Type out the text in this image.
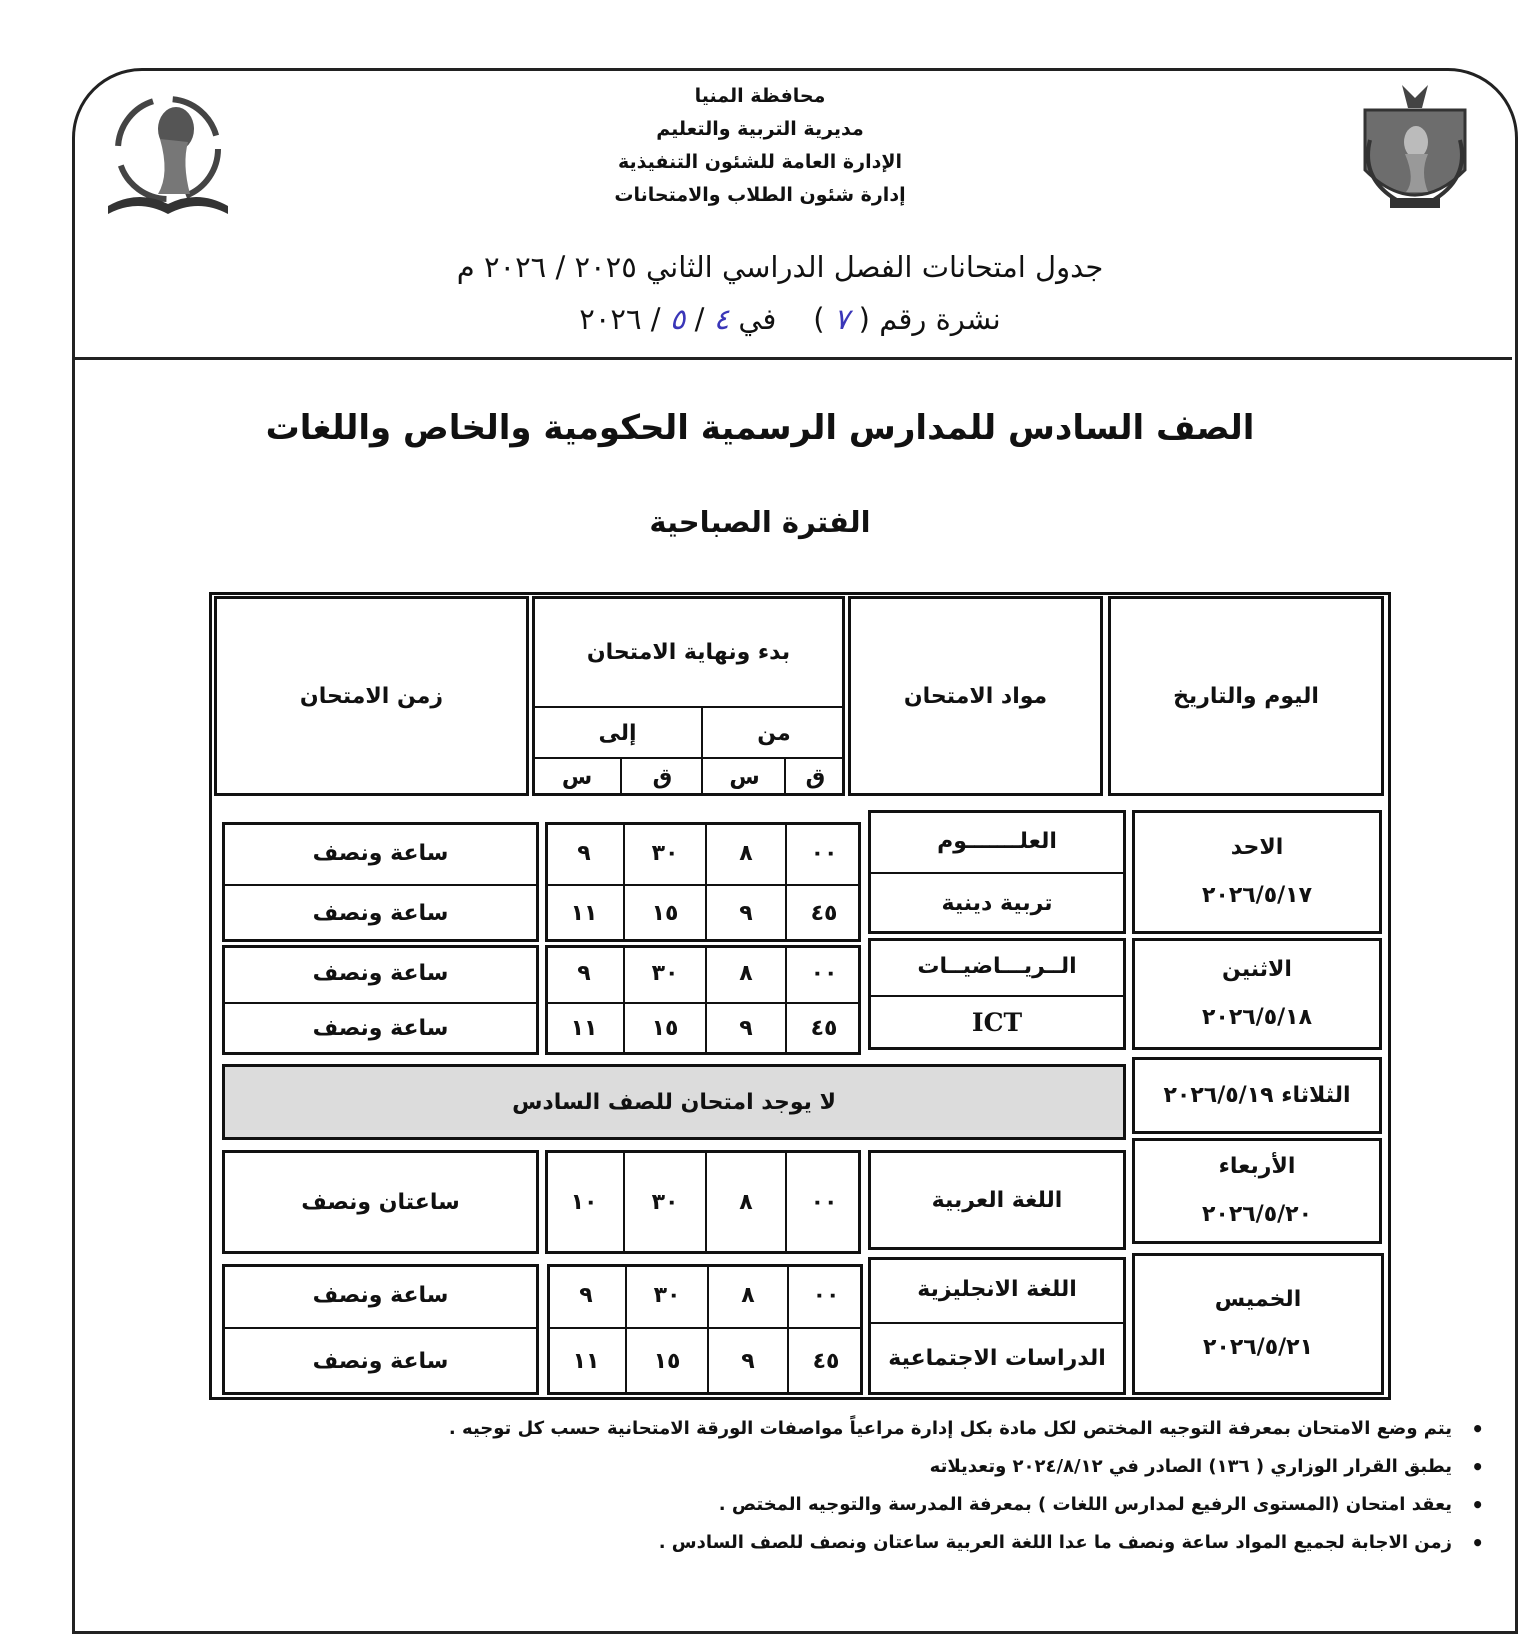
محافظة المنيا
مديرية التربية والتعليم
الإدارة العامة للشئون التنفيذية
إدارة شئون الطلاب والامتحانات
جدول امتحانات الفصل الدراسي الثاني ٢٠٢٥ / ٢٠٢٦ م
نشرة رقم ( ٧ )    في ٤ / ٥ / ٢٠٢٦
الصف السادس للمدارس الرسمية الحكومية والخاص واللغات
الفترة الصباحية
اليوم والتاريخ
مواد الامتحان
بدء ونهاية الامتحان
من
إلى
ق
س
ق
س
زمن الامتحان
الاحد
٢٠٢٦/٥/١٧
العلـــــــوم
تربية دينية
٠٠
٨
٣٠
٩
٤٥
٩
١٥
١١
ساعة ونصف
ساعة ونصف
الاثنين
٢٠٢٦/٥/١٨
الــريـــاضيــات
ICT
٠٠
٨
٣٠
٩
٤٥
٩
١٥
١١
ساعة ونصف
ساعة ونصف
الثلاثاء ٢٠٢٦/٥/١٩
لا يوجد امتحان للصف السادس
الأربعاء
٢٠٢٦/٥/٢٠
اللغة العربية
٠٠
٨
٣٠
١٠
ساعتان ونصف
الخميس
٢٠٢٦/٥/٢١
اللغة الانجليزية
الدراسات الاجتماعية
٠٠
٨
٣٠
٩
٤٥
٩
١٥
١١
ساعة ونصف
ساعة ونصف
• يتم وضع الامتحان بمعرفة التوجيه المختص لكل مادة بكل إدارة مراعياً مواصفات الورقة الامتحانية حسب كل توجيه .
• يطبق القرار الوزاري ( ١٣٦) الصادر في ٢٠٢٤/٨/١٢ وتعديلاته
• يعقد امتحان (المستوى الرفيع لمدارس اللغات ) بمعرفة المدرسة والتوجيه المختص .
• زمن الاجابة لجميع المواد ساعة ونصف ما عدا اللغة العربية ساعتان ونصف للصف السادس .
